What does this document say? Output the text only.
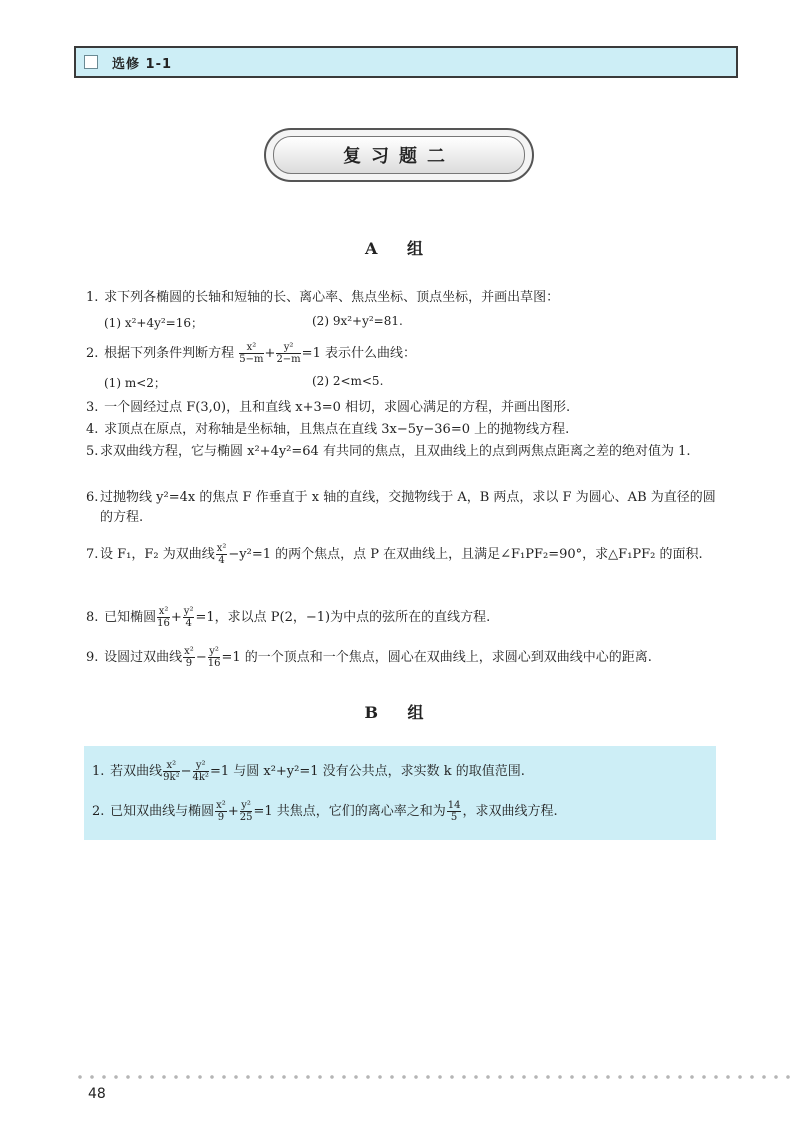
选修 1-1
复习题二
A 组
1. 求下列各椭圆的长轴和短轴的长、离心率、焦点坐标、顶点坐标，并画出草图：
(1) x²+4y²=16；	(2) 9x²+y²=81.
2. 根据下列条件判断方程 $\frac{\text{x²}}{5-m} + \frac{\text{y²}}{2-m} =1$ 表示什么曲线：
(1) m<2；	(2) 2<m<5.
3. 一个圆经过点 F(3,0)，且和直线 x+3=0 相切，求圆心满足的方程，并画出图形.
4. 求顶点在原点，对称轴是坐标轴，且焦点在直线 3x−5y−36=0 上的抛物线方程.
5. 求双曲线方程，它与椭圆 x²+4y²=64 有共同的焦点，且双曲线上的点到两焦点距离之差的绝对值为 1.
6. 过抛物线 y²=4x 的焦点 F 作垂直于 x 轴的直线，交抛物线于 A，B 两点，求以 F 为圆心、AB 为直径的圆的方程.
7. 设 F₁，F₂ 为双曲线 $\frac{\text{x²}}{4} -y^2=1$ 的两个焦点，点 P 在双曲线上，且满足∠F₁PF₂=90°，求△F₁PF₂ 的面积.
8. 已知椭圆 $\frac{\text{x²}}{16} + \frac{\text{y²}}{4} =1$，求以点 P(2，−1)为中点的弦所在的直线方程.
9. 设圆过双曲线 $\frac{\text{x²}}{9} - \frac{\text{y²}}{16} =1$ 的一个顶点和一个焦点，圆心在双曲线上，求圆心到双曲线中心的距离.
B 组
1. 若双曲线 $\frac{\text{x²}}{\text{9k²}} - \frac{\text{y²}}{\text{4k²}} =1$ 与圆 x²+y²=1 没有公共点，求实数 k 的取值范围.
2. 已知双曲线与椭圆 $\frac{\text{x²}}{9} + \frac{\text{y²}}{25} =1$ 共焦点，它们的离心率之和为 $\frac{14}{5}$ ，求双曲线方程.
48
